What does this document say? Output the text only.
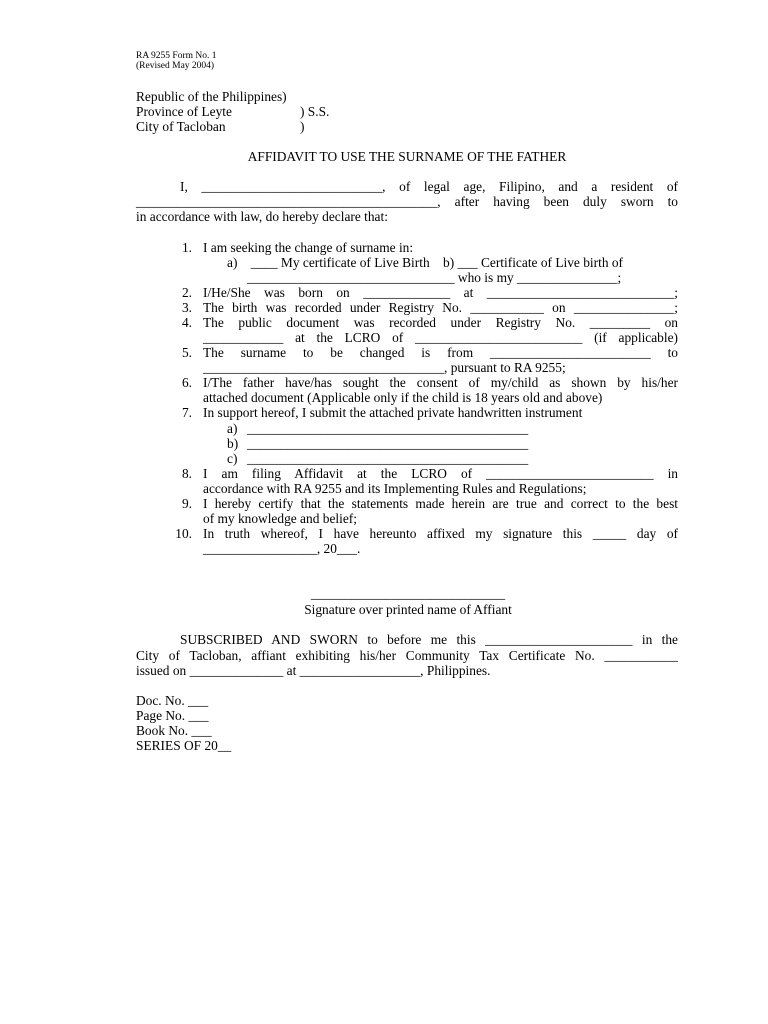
RA 9255 Form No. 1
(Revised May 2004)
Republic of the Philippines)
Province of Leyte	) S.S.
City of Tacloban	)
AFFIDAVIT TO USE THE SURNAME OF THE FATHER
I, ___________________________, of legal age, Filipino, and a resident of
_____________________________________________, after having been duly sworn to
in accordance with law, do hereby declare that:
1. I am seeking the change of surname in:
a)    ____ My certificate of Live Birth    b) ___ Certificate of Live birth of
_______________________________ who is my _______________;
2. I/He/She was born on _____________ at ____________________________;
3. The birth was recorded under Registry No. ___________ on _______________;
4. The public document was recorded under Registry No. _________ on
____________ at the LCRO of _________________________ (if applicable)
5. The surname to be changed is from ________________________ to
____________________________________, pursuant to RA 9255;
6. I/The father have/has sought the consent of my/child as shown by his/her
attached document (Applicable only if the child is 18 years old and above)
7. In support hereof, I submit the attached private handwritten instrument
a) __________________________________________
b) __________________________________________
c) __________________________________________
8. I am filing Affidavit at the LCRO of _________________________ in
accordance with RA 9255 and its Implementing Rules and Regulations;
9. I hereby certify that the statements made herein are true and correct to the best
of my knowledge and belief;
10. In truth whereof, I have hereunto affixed my signature this _____ day of
_________________, 20___.
_____________________________
Signature over printed name of Affiant
SUBSCRIBED AND SWORN to before me this ______________________ in the
City of Tacloban, affiant exhibiting his/her Community Tax Certificate No. ___________
issued on ______________ at __________________, Philippines.
Doc. No. ___
Page No. ___
Book No. ___
SERIES OF 20__
